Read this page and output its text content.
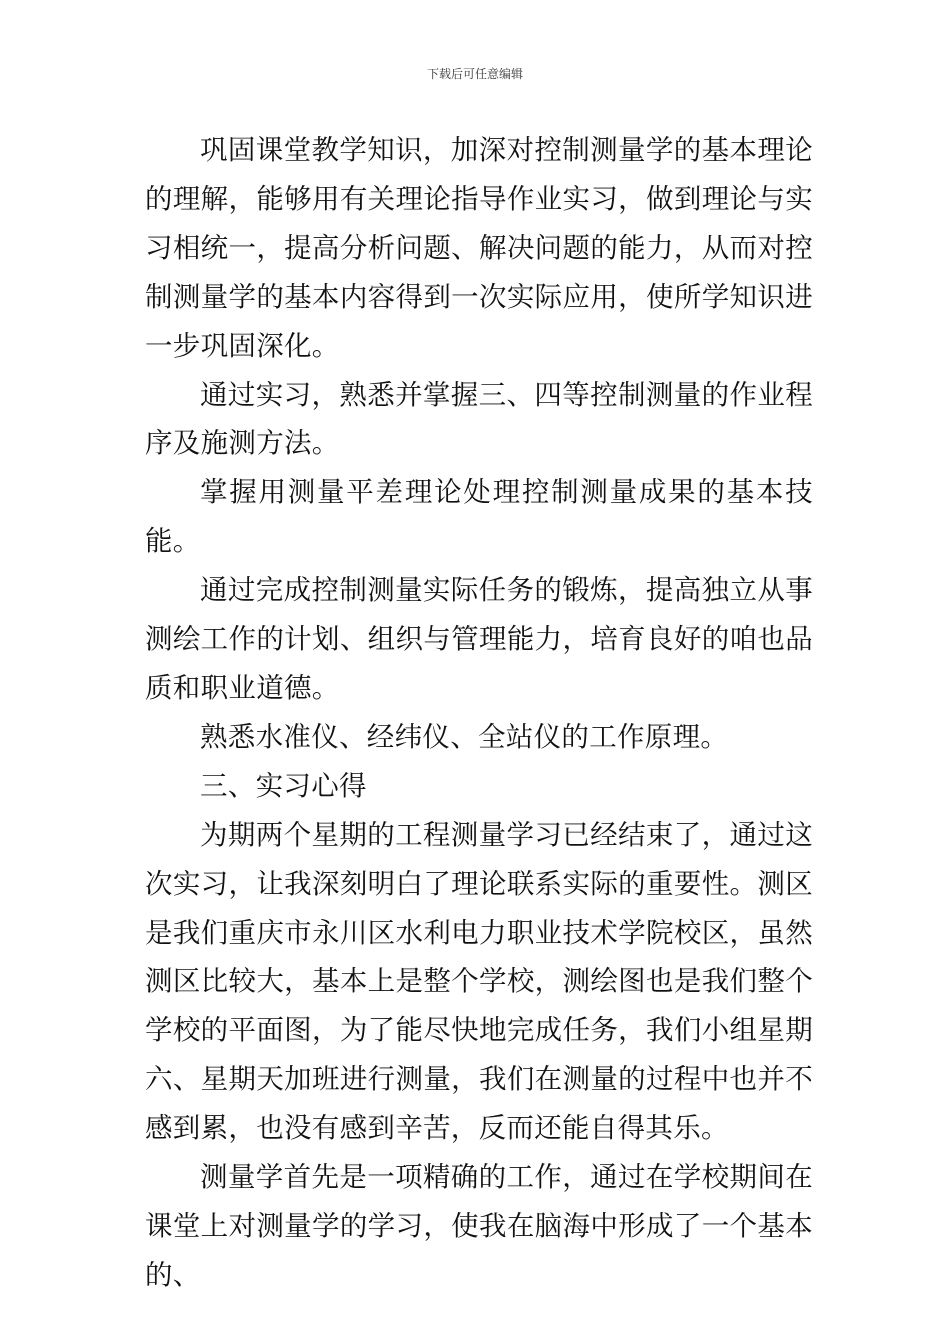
下载后可任意编辑

巩固课堂教学知识，加深对控制测量学的基本理论的理解，能够用有关理论指导作业实习，做到理论与实习相统一，提高分析问题、解决问题的能力，从而对控制测量学的基本内容得到一次实际应用，使所学知识进一步巩固深化。

通过实习，熟悉并掌握三、四等控制测量的作业程序及施测方法。

掌握用测量平差理论处理控制测量成果的基本技能。

通过完成控制测量实际任务的锻炼，提高独立从事测绘工作的计划、组织与管理能力，培育良好的咱也品质和职业道德。

熟悉水准仪、经纬仪、全站仪的工作原理。

三、实习心得

为期两个星期的工程测量学习已经结束了，通过这次实习，让我深刻明白了理论联系实际的重要性。测区是我们重庆市永川区水利电力职业技术学院校区，虽然测区比较大，基本上是整个学校，测绘图也是我们整个学校的平面图，为了能尽快地完成任务，我们小组星期六、星期天加班进行测量，我们在测量的过程中也并不感到累，也没有感到辛苦，反而还能自得其乐。

测量学首先是一项精确的工作，通过在学校期间在课堂上对测量学的学习，使我在脑海中形成了一个基本的、
